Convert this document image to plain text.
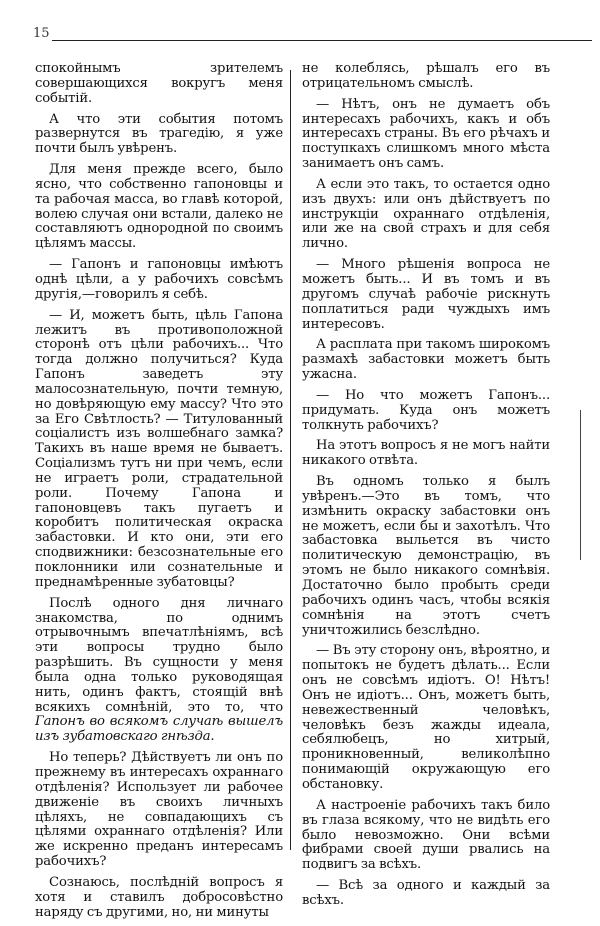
15

спокойнымъ зрителемъ совершающихся вокругъ меня событій.

А что эти события потомъ развернутся въ трагедію, я уже почти былъ увѣренъ.

Для меня прежде всего, было ясно, что собственно гапоновцы и та рабочая масса, во главѣ которой, волею случая они встали, далеко не составляютъ однородной по своимъ цѣлямъ массы.

— Гапонъ и гапоновцы имѣютъ однѣ цѣли, а у рабочихъ совсѣмъ другія,—говорилъ я себѣ.

— И, можетъ быть, цѣль Гапона лежитъ въ противоположной сторонѣ отъ цѣли рабочихъ... Что тогда должно получиться? Куда Гапонъ заведетъ эту малосознательную, почти темную, но довѣряющую ему массу? Что это за Его Свѣтлость? — Титулованный соціалистъ изъ волшебнаго замка? Такихъ въ наше время не бываетъ. Соціализмъ тутъ ни при чемъ, если не играетъ роли, страдательной роли. Почему Гапона и гапоновцевъ такъ пугаетъ и коробитъ политическая окраска забастовки. И кто они, эти его сподвижники: безсознательные его поклонники или сознательные и преднамѣренные зубатовцы?

Послѣ одного дня личнаго знакомства, по однимъ отрывочнымъ впечатлѣніямъ, всѣ эти вопросы трудно было разрѣшить. Въ сущности у меня была одна только руководящая нить, одинъ фактъ, стоящій внѣ всякихъ сомнѣній, это то, что Гапонъ во всякомъ случаѣ вышелъ изъ зубатовскаго гнѣзда.

Но теперь? Дѣйствуетъ ли онъ по прежнему въ интересахъ охраннаго отдѣленія? Использует ли рабочее движеніе въ своихъ личныхъ цѣляхъ, не совпадающихъ съ цѣлями охраннаго отдѣленія? Или же искренно преданъ интересамъ рабочихъ?

Сознаюсь, послѣдній вопросъ я хотя и ставилъ добросовѣстно наряду съ другими, но, ни минуты

не колеблясь, рѣшалъ его въ отрицательномъ смыслѣ.

— Нѣтъ, онъ не думаетъ объ интересахъ рабочихъ, какъ и объ интересахъ страны. Въ его рѣчахъ и поступкахъ слишкомъ много мѣста занимаетъ онъ самъ.

А если это такъ, то остается одно изъ двухъ: или онъ дѣйствуетъ по инструкціи охраннаго отдѣленія, или же на свой страхъ и для себя лично.

— Много рѣшенія вопроса не можетъ быть... И въ томъ и въ другомъ случаѣ рабочіе рискнуть поплатиться ради чуждыхъ имъ интересовъ.

А расплата при такомъ широкомъ размахѣ забастовки можетъ быть ужасна.

— Но что можетъ Гапонъ... придумать. Куда онъ можетъ толкнуть рабочихъ?

На этотъ вопросъ я не могъ найти никакого отвѣта.

Въ одномъ только я былъ увѣренъ.—Это въ томъ, что измѣнить окраску забастовки онъ не можетъ, если бы и захотѣлъ. Что забастовка выльется въ чисто политическую демонстрацію, въ этомъ не было никакого сомнѣвія. Достаточно было пробыть среди рабочихъ одинъ часъ, чтобы всякія сомнѣнія на этотъ счетъ уничтожились безслѣдно.

— Въ эту сторону онъ, вѣроятно, и попытокъ не будетъ дѣлать... Если онъ не совсѣмъ идіотъ. О! Нѣтъ! Онъ не идіотъ... Онъ, можетъ быть, невежественный человѣкъ, человѣкъ безъ жажды идеала, себялюбецъ, но хитрый, проникновенный, великолѣпно понимающій окружающую его обстановку.

А настроеніе рабочихъ такъ било въ глаза всякому, что не видѣть его было невозможно. Они всѣми фибрами своей души рвались на подвигъ за всѣхъ.

— Всѣ за одного и каждый за всѣхъ.
